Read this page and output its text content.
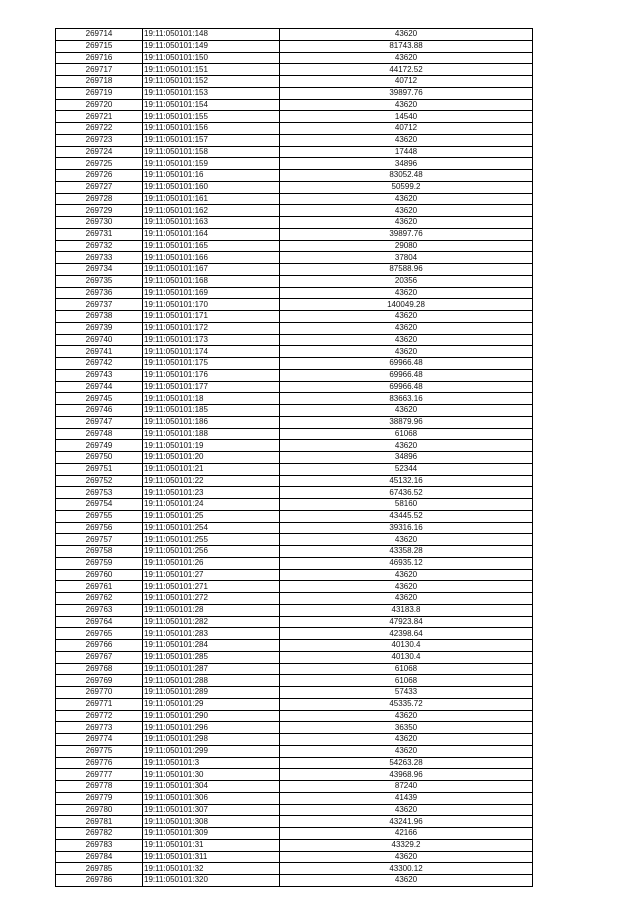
269714	19:11:050101:148	43620
269715	19:11:050101:149	81743.88
269716	19:11:050101:150	43620
269717	19:11:050101:151	44172.52
269718	19:11:050101:152	40712
269719	19:11:050101:153	39897.76
269720	19:11:050101:154	43620
269721	19:11:050101:155	14540
269722	19:11:050101:156	40712
269723	19:11:050101:157	43620
269724	19:11:050101:158	17448
269725	19:11:050101:159	34896
269726	19:11:050101:16	83052.48
269727	19:11:050101:160	50599.2
269728	19:11:050101:161	43620
269729	19:11:050101:162	43620
269730	19:11:050101:163	43620
269731	19:11:050101:164	39897.76
269732	19:11:050101:165	29080
269733	19:11:050101:166	37804
269734	19:11:050101:167	87588.96
269735	19:11:050101:168	20356
269736	19:11:050101:169	43620
269737	19:11:050101:170	140049.28
269738	19:11:050101:171	43620
269739	19:11:050101:172	43620
269740	19:11:050101:173	43620
269741	19:11:050101:174	43620
269742	19:11:050101:175	69966.48
269743	19:11:050101:176	69966.48
269744	19:11:050101:177	69966.48
269745	19:11:050101:18	83663.16
269746	19:11:050101:185	43620
269747	19:11:050101:186	38879.96
269748	19:11:050101:188	61068
269749	19:11:050101:19	43620
269750	19:11:050101:20	34896
269751	19:11:050101:21	52344
269752	19:11:050101:22	45132.16
269753	19:11:050101:23	67436.52
269754	19:11:050101:24	58160
269755	19:11:050101:25	43445.52
269756	19:11:050101:254	39316.16
269757	19:11:050101:255	43620
269758	19:11:050101:256	43358.28
269759	19:11:050101:26	46935.12
269760	19:11:050101:27	43620
269761	19:11:050101:271	43620
269762	19:11:050101:272	43620
269763	19:11:050101:28	43183.8
269764	19:11:050101:282	47923.84
269765	19:11:050101:283	42398.64
269766	19:11:050101:284	40130.4
269767	19:11:050101:285	40130.4
269768	19:11:050101:287	61068
269769	19:11:050101:288	61068
269770	19:11:050101:289	57433
269771	19:11:050101:29	45335.72
269772	19:11:050101:290	43620
269773	19:11:050101:296	36350
269774	19:11:050101:298	43620
269775	19:11:050101:299	43620
269776	19:11:050101:3	54263.28
269777	19:11:050101:30	43968.96
269778	19:11:050101:304	87240
269779	19:11:050101:306	41439
269780	19:11:050101:307	43620
269781	19:11:050101:308	43241.96
269782	19:11:050101:309	42166
269783	19:11:050101:31	43329.2
269784	19:11:050101:311	43620
269785	19:11:050101:32	43300.12
269786	19:11:050101:320	43620
